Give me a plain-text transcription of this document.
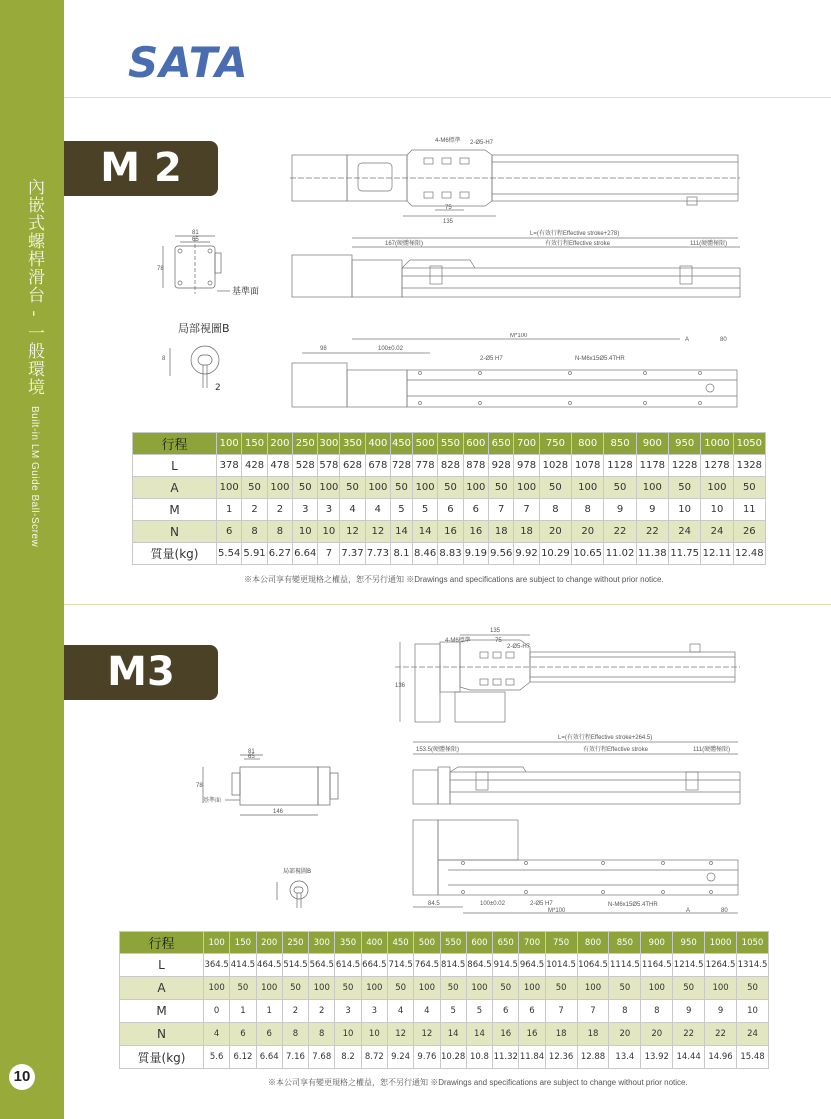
內嵌式螺桿滑台 - 一般環境 Built-in LM Guide Ball-Screw
10
SATA
M 2
4-M6標準 2-Ø5-H7
75
135
81
65
78
基準面
L=(有效行程Effective stroke+278)
167(硬體極限)	有效行程Effective stroke	111(硬體極限)
局部視圖B
8
2
98	100±0.02
M*100
A	80
2-Ø5 H7	N-M6x15Ø5.4THR
行程	100	150	200	250	300	350	400	450	500	550	600	650	700	750	800	850	900	950	1000	1050
L	378	428	478	528	578	628	678	728	778	828	878	928	978	1028	1078	1128	1178	1228	1278	1328
A	100	50	100	50	100	50	100	50	100	50	100	50	100	50	100	50	100	50	100	50
M	1	2	2	3	3	4	4	5	5	6	6	7	7	8	8	9	9	10	10	11
N	6	8	8	10	10	12	12	14	14	16	16	18	18	20	20	22	22	24	24	26
質量(kg)	5.54	5.91	6.27	6.64	7	7.37	7.73	8.1	8.46	8.83	9.19	9.56	9.92	10.29	10.65	11.02	11.38	11.75	12.11	12.48
※本公司享有變更規格之權益，恕不另行通知 ※Drawings and specifications are subject to change without prior notice.
M3
135
4-M6標準	75
2-Ø5-H7
136
81
65
78
基準面
146
L=(有效行程Effective stroke+264.5)
153.5(硬體極限)	有效行程Effective stroke	111(硬體極限)
局部視圖B
84.5	100±0.02	2-Ø5 H7
M*100
N-M6x15Ø5.4THR
A	80
行程	100	150	200	250	300	350	400	450	500	550	600	650	700	750	800	850	900	950	1000	1050
L	364.5	414.5	464.5	514.5	564.5	614.5	664.5	714.5	764.5	814.5	864.5	914.5	964.5	1014.5	1064.5	1114.5	1164.5	1214.5	1264.5	1314.5
A	100	50	100	50	100	50	100	50	100	50	100	50	100	50	100	50	100	50	100	50
M	0	1	1	2	2	3	3	4	4	5	5	6	6	7	7	8	8	9	9	10
N	4	6	6	8	8	10	10	12	12	14	14	16	16	18	18	20	20	22	22	24
質量(kg)	5.6	6.12	6.64	7.16	7.68	8.2	8.72	9.24	9.76	10.28	10.8	11.32	11.84	12.36	12.88	13.4	13.92	14.44	14.96	15.48
※本公司享有變更規格之權益，恕不另行通知 ※Drawings and specifications are subject to change without prior notice.
